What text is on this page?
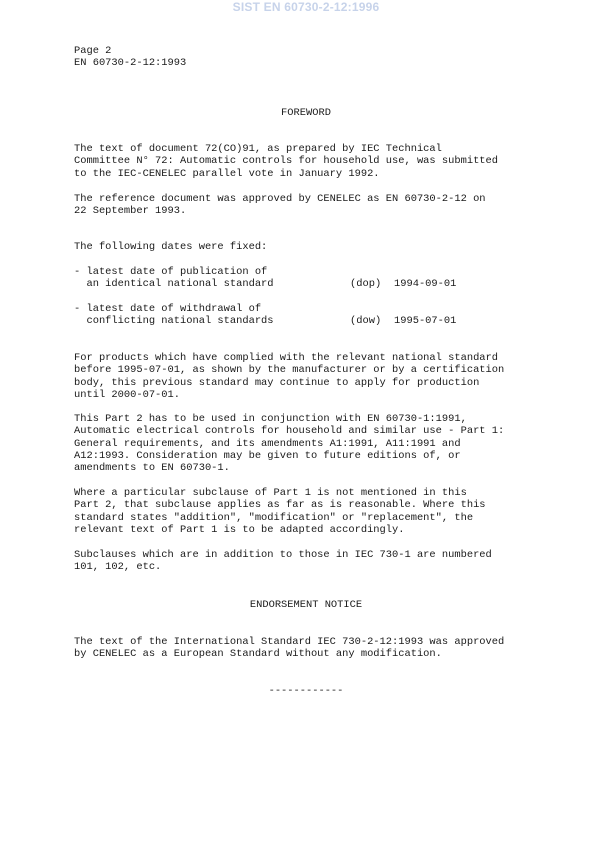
SIST EN 60730-2-12:1996
Page 2
EN 60730-2-12:1993
FOREWORD
The text of document 72(CO)91, as prepared by IEC Technical
Committee N° 72: Automatic controls for household use, was submitted
to the IEC-CENELEC parallel vote in January 1992.
The reference document was approved by CENELEC as EN 60730-2-12 on
22 September 1993.
The following dates were fixed:
- latest date of publication of
an identical national standard	(dop) 1994-09-01
- latest date of withdrawal of
conflicting national standards	(dow) 1995-07-01
For products which have complied with the relevant national standard
before 1995-07-01, as shown by the manufacturer or by a certification
body, this previous standard may continue to apply for production
until 2000-07-01.
This Part 2 has to be used in conjunction with EN 60730-1:1991,
Automatic electrical controls for household and similar use - Part 1:
General requirements, and its amendments A1:1991, A11:1991 and
A12:1993. Consideration may be given to future editions of, or
amendments to EN 60730-1.
Where a particular subclause of Part 1 is not mentioned in this
Part 2, that subclause applies as far as is reasonable. Where this
standard states "addition", "modification" or "replacement", the
relevant text of Part 1 is to be adapted accordingly.
Subclauses which are in addition to those in IEC 730-1 are numbered
101, 102, etc.
ENDORSEMENT NOTICE
The text of the International Standard IEC 730-2-12:1993 was approved
by CENELEC as a European Standard without any modification.
------------
